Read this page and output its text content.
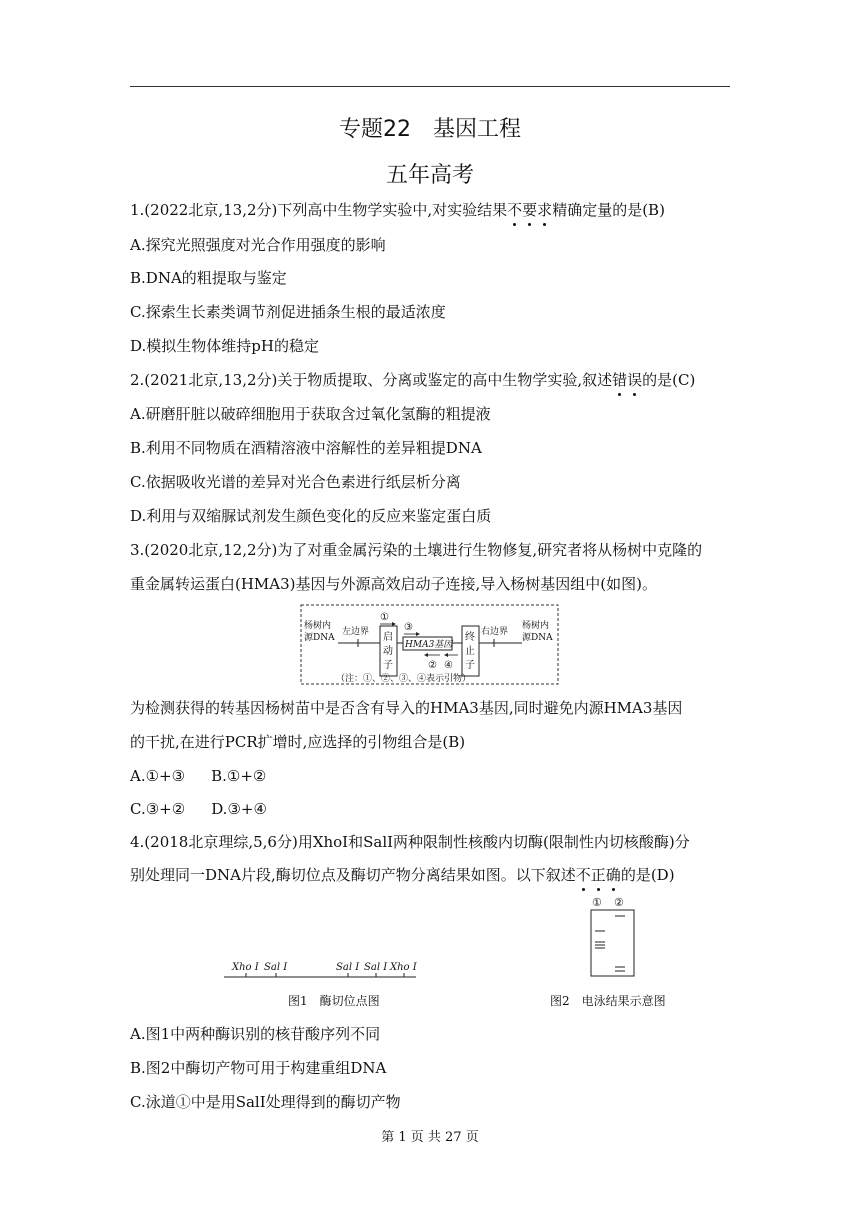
专题22　基因工程
五年高考
1.(2022北京,13,2分)下列高中生物学实验中,对实验结果不要求精确定量的是(B)
A.探究光照强度对光合作用强度的影响
B.DNA的粗提取与鉴定
C.探索生长素类调节剂促进插条生根的最适浓度
D.模拟生物体维持pH的稳定
2.(2021北京,13,2分)关于物质提取、分离或鉴定的高中生物学实验,叙述错误的是(C)
A.研磨肝脏以破碎细胞用于获取含过氧化氢酶的粗提液
B.利用不同物质在酒精溶液中溶解性的差异粗提DNA
C.依据吸收光谱的差异对光合色素进行纸层析分离
D.利用与双缩脲试剂发生颜色变化的反应来鉴定蛋白质
3.(2020北京,12,2分)为了对重金属污染的土壤进行生物修复,研究者将从杨树中克隆的
重金属转运蛋白(HMA3)基因与外源高效启动子连接,导入杨树基因组中(如图)。
杨树内
源DNA
左边界
①
启
动
子
③
HMA3基因
② ④
终
止
子
右边界
杨树内
源DNA
（注：①、②、③、④表示引物）
为检测获得的转基因杨树苗中是否含有导入的HMA3基因,同时避免内源HMA3基因
的干扰,在进行PCR扩增时,应选择的引物组合是(B)
A.①+③ B.①+②
C.③+② D.③+④
4.(2018北京理综,5,6分)用XhoⅠ和SalⅠ两种限制性核酸内切酶(限制性内切核酸酶)分
别处理同一DNA片段,酶切位点及酶切产物分离结果如图。以下叙述不正确的是(D)
Xho Ⅰ Sal Ⅰ	Sal Ⅰ Sal Ⅰ Xho Ⅰ
图1　酶切位点图
① ②
图2　电泳结果示意图
A.图1中两种酶识别的核苷酸序列不同
B.图2中酶切产物可用于构建重组DNA
C.泳道①中是用SalⅠ处理得到的酶切产物
第 1 页 共 27 页
